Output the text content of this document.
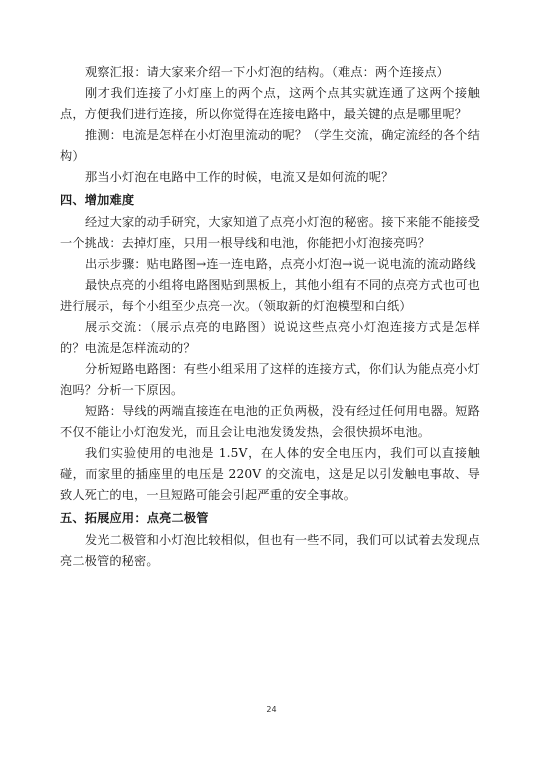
观察汇报：请大家来介绍一下小灯泡的结构。（难点：两个连接点）

刚才我们连接了小灯座上的两个点，这两个点其实就连通了这两个接触点，方便我们进行连接，所以你觉得在连接电路中，最关键的点是哪里呢？

推测：电流是怎样在小灯泡里流动的呢？（学生交流，确定流经的各个结构）

那当小灯泡在电路中工作的时候，电流又是如何流的呢？

四、增加难度

经过大家的动手研究，大家知道了点亮小灯泡的秘密。接下来能不能接受一个挑战：去掉灯座，只用一根导线和电池，你能把小灯泡接亮吗？

出示步骤：贴电路图→连一连电路，点亮小灯泡→说一说电流的流动路线

最快点亮的小组将电路图贴到黑板上，其他小组有不同的点亮方式也可也进行展示，每个小组至少点亮一次。（领取新的灯泡模型和白纸）

展示交流：（展示点亮的电路图）说说这些点亮小灯泡连接方式是怎样的？电流是怎样流动的？

分析短路电路图：有些小组采用了这样的连接方式，你们认为能点亮小灯泡吗？分析一下原因。

短路：导线的两端直接连在电池的正负两极，没有经过任何用电器。短路不仅不能让小灯泡发光，而且会让电池发烫发热，会很快损坏电池。

我们实验使用的电池是 1.5V，在人体的安全电压内，我们可以直接触碰，而家里的插座里的电压是 220V 的交流电，这是足以引发触电事故、导致人死亡的电，一旦短路可能会引起严重的安全事故。

五、拓展应用：点亮二极管

发光二极管和小灯泡比较相似，但也有一些不同，我们可以试着去发现点亮二极管的秘密。

24
